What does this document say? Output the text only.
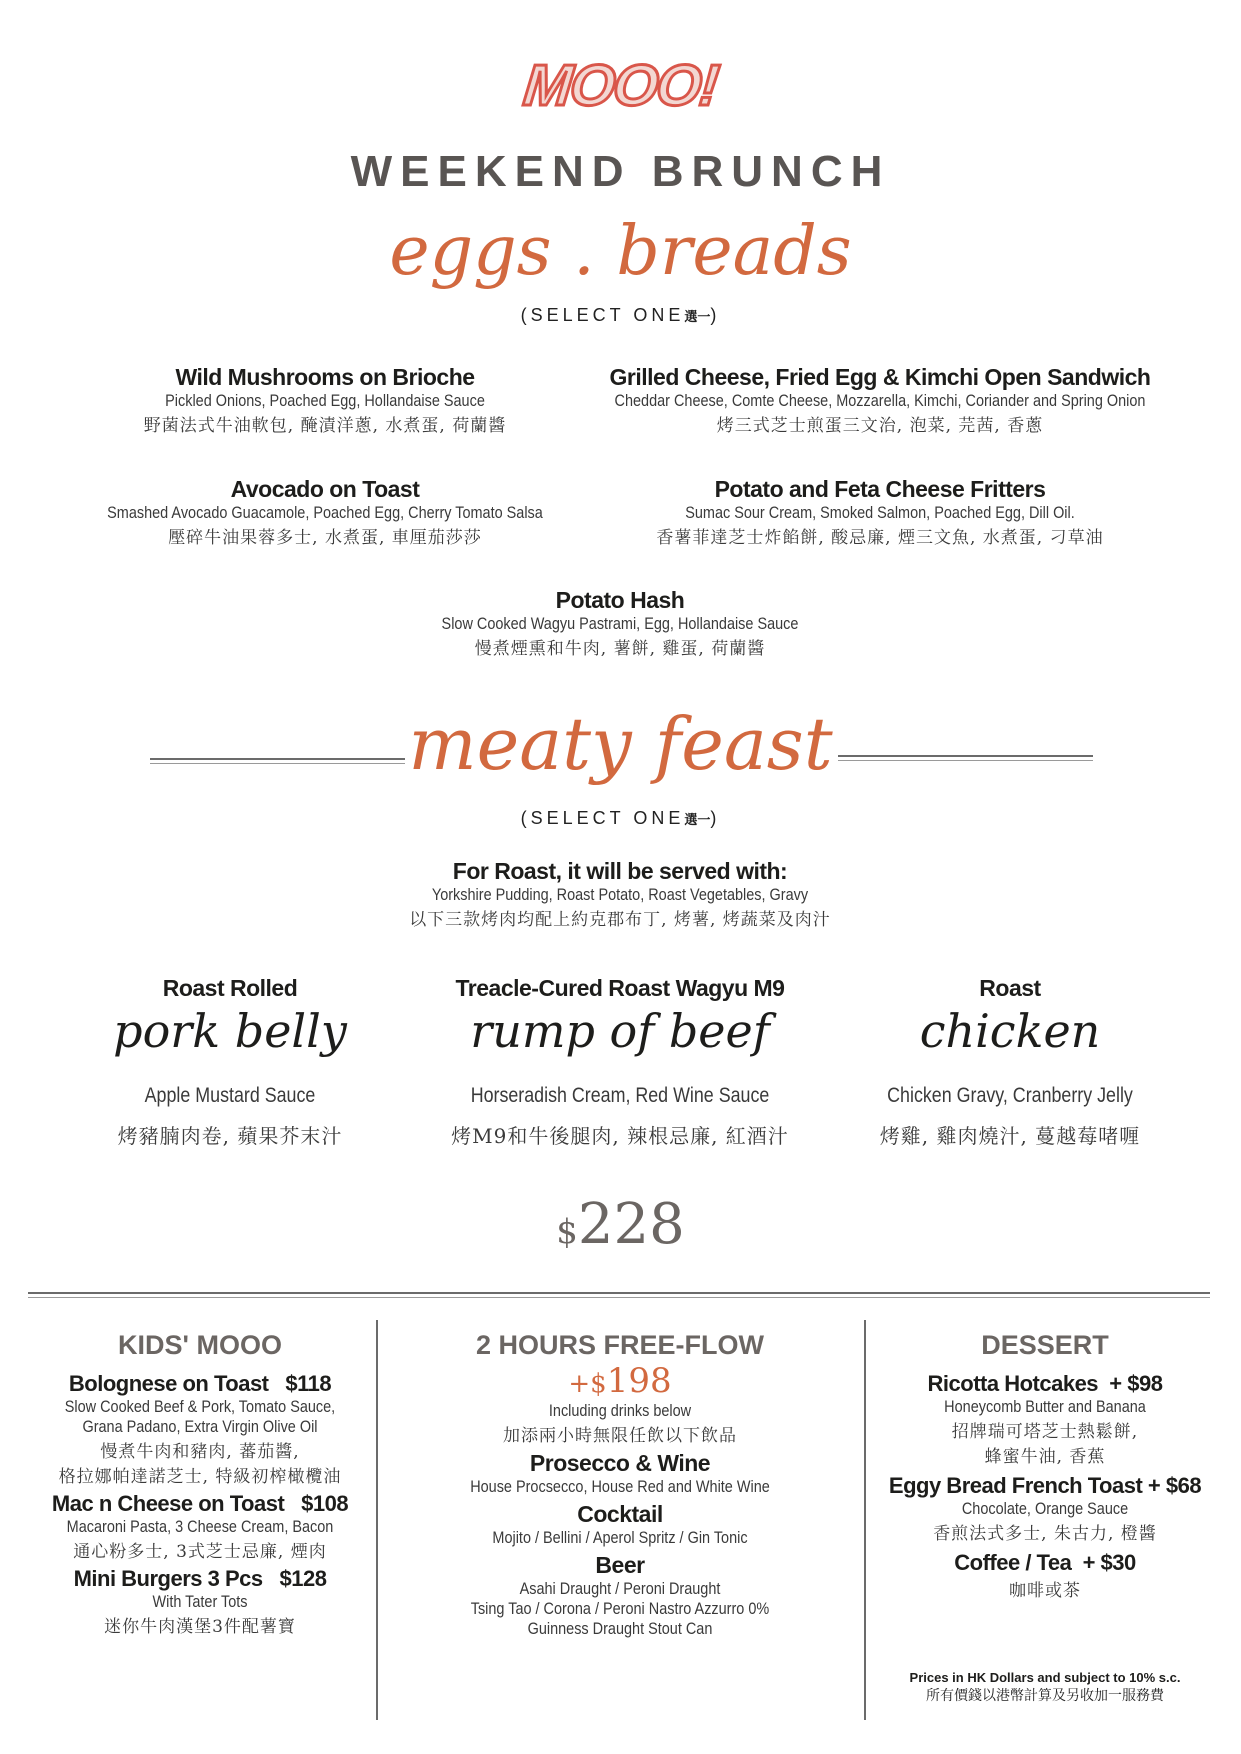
MOOO!
WEEKEND BRUNCH
eggs . breads
(SELECT ONE選一)
Wild Mushrooms on Brioche
Pickled Onions, Poached Egg, Hollandaise Sauce
野菌法式牛油軟包, 醃漬洋蔥, 水煮蛋, 荷蘭醬
Grilled Cheese, Fried Egg & Kimchi Open Sandwich
Cheddar Cheese, Comte Cheese, Mozzarella, Kimchi, Coriander and Spring Onion
烤三式芝士煎蛋三文治, 泡菜, 芫茜, 香蔥
Avocado on Toast
Smashed Avocado Guacamole, Poached Egg, Cherry Tomato Salsa
壓碎牛油果蓉多士, 水煮蛋, 車厘茄莎莎
Potato and Feta Cheese Fritters
Sumac Sour Cream, Smoked Salmon, Poached Egg, Dill Oil.
香薯菲達芝士炸餡餅, 酸忌廉, 煙三文魚, 水煮蛋, 刁草油
Potato Hash
Slow Cooked Wagyu Pastrami, Egg, Hollandaise Sauce
慢煮煙熏和牛肉, 薯餅, 雞蛋, 荷蘭醬
meaty feast
(SELECT ONE選一)
For Roast, it will be served with:
Yorkshire Pudding, Roast Potato, Roast Vegetables, Gravy
以下三款烤肉均配上約克郡布丁, 烤薯, 烤蔬菜及肉汁
Roast Rolled
pork belly
Apple Mustard Sauce
烤豬腩肉卷, 蘋果芥末汁
Treacle-Cured Roast Wagyu M9
rump of beef
Horseradish Cream, Red Wine Sauce
烤M9和牛後腿肉, 辣根忌廉, 紅酒汁
Roast
chicken
Chicken Gravy, Cranberry Jelly
烤雞, 雞肉燒汁, 蔓越莓啫喱
$228
KIDS' MOOO
Bolognese on Toast $118
Slow Cooked Beef & Pork, Tomato Sauce,
Grana Padano, Extra Virgin Olive Oil
慢煮牛肉和豬肉, 蕃茄醬,
格拉娜帕達諾芝士, 特級初榨橄欖油
Mac n Cheese on Toast $108
Macaroni Pasta, 3 Cheese Cream, Bacon
通心粉多士, 3式芝士忌廉, 煙肉
Mini Burgers 3 Pcs $128
With Tater Tots
迷你牛肉漢堡3件配薯寶
2 HOURS FREE-FLOW
+$198
Including drinks below
加添兩小時無限任飲以下飲品
Prosecco & Wine
House Procsecco, House Red and White Wine
Cocktail
Mojito / Bellini / Aperol Spritz / Gin Tonic
Beer
Asahi Draught / Peroni Draught
Tsing Tao / Corona / Peroni Nastro Azzurro 0%
Guinness Draught Stout Can
DESSERT
Ricotta Hotcakes + $98
Honeycomb Butter and Banana
招牌瑞可塔芝士熱鬆餅,
蜂蜜牛油, 香蕉
Eggy Bread French Toast + $68
Chocolate, Orange Sauce
香煎法式多士, 朱古力, 橙醬
Coffee / Tea + $30
咖啡或茶
Prices in HK Dollars and subject to 10% s.c.
所有價錢以港幣計算及另收加一服務費
